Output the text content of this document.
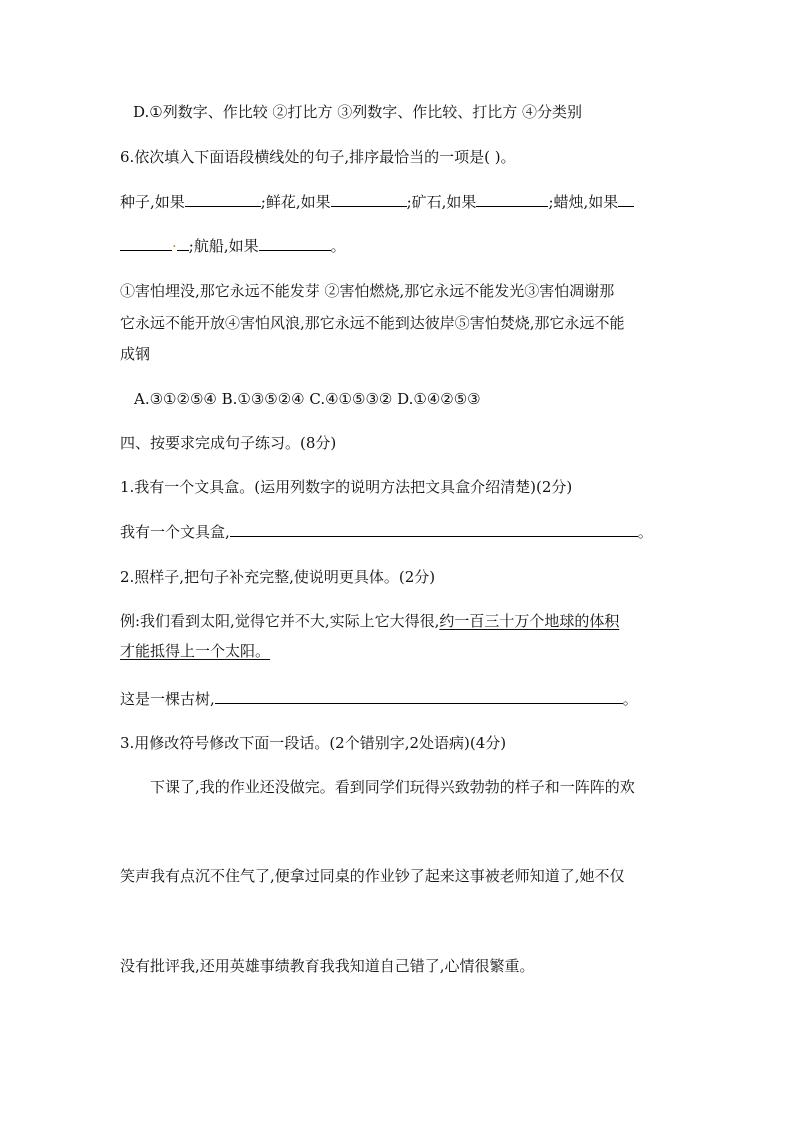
D.①列数字、作比较 ②打比方 ③列数字、作比较、打比方 ④分类别
6.依次填入下面语段横线处的句子,排序最恰当的一项是( )。
种子,如果	;鲜花,如果	;矿石,如果	;蜡烛,如果
· ;航船,如果	。
①害怕埋没,那它永远不能发芽 ②害怕燃烧,那它永远不能发光③害怕凋谢那
它永远不能开放④害怕风浪,那它永远不能到达彼岸⑤害怕焚烧,那它永远不能
成钢
A.③①②⑤④ B.①③⑤②④ C.④①⑤③② D.①④②⑤③
四、按要求完成句子练习。(8分)
1.我有一个文具盒。(运用列数字的说明方法把文具盒介绍清楚)(2分)
我有一个文具盒,	。
2.照样子,把句子补充完整,使说明更具体。(2分)
例:我们看到太阳,觉得它并不大,实际上它大得很,约一百三十万个地球的体积
才能抵得上一个太阳。
这是一棵古树,	。
3.用修改符号修改下面一段话。(2个错别字,2处语病)(4分)
下课了,我的作业还没做完。看到同学们玩得兴致勃勃的样子和一阵阵的欢
笑声我有点沉不住气了,便拿过同桌的作业钞了起来这事被老师知道了,她不仅
没有批评我,还用英雄事绩教育我我知道自己错了,心情很繁重。
